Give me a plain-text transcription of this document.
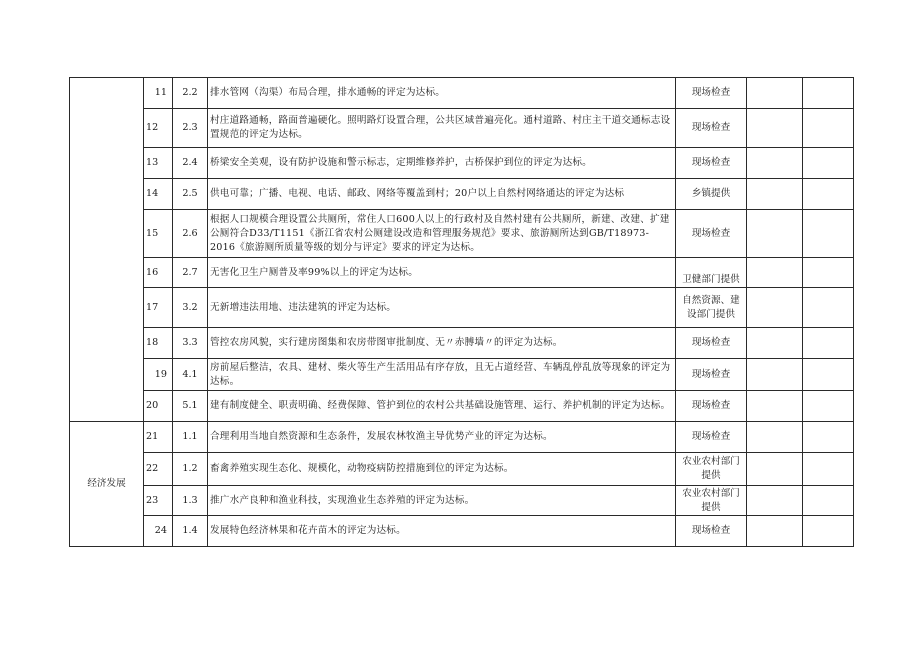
	11	2.2	排水管网（沟渠）布局合理，排水通畅的评定为达标。	现场检查		
	12	2.3	村庄道路通畅，路面普遍硬化。照明路灯设置合理，公共区域普遍亮化。通村道路、村庄主干道交通标志设置规范的评定为达标。	现场检查		
	13	2.4	桥梁安全美观，设有防护设施和警示标志，定期维修养护，古桥保护到位的评定为达标。	现场检查		
	14	2.5	供电可靠；广播、电视、电话、邮政、网络等覆盖到村；20户以上自然村网络通达的评定为达标	乡镇提供		
	15	2.6	根据人口规模合理设置公共厕所，常住人口600人以上的行政村及自然村建有公共厕所，新建、改建、扩建公厕符合D33/T1151《浙江省农村公厕建设改造和管理服务规范》要求、旅游厕所达到GB/T18973-2016《旅游厕所质量等级的划分与评定》要求的评定为达标。	现场检查		
	16	2.7	无害化卫生户厕普及率99%以上的评定为达标。	卫健部门提供		
	17	3.2	无新增违法用地、违法建筑的评定为达标。	自然资源、建设部门提供		
	18	3.3	管控农房风貌，实行建房图集和农房带图审批制度、无〃赤膊墙〃的评定为达标。	现场检查		
	19	4.1	房前屋后整洁，农具、建材、柴火等生产生活用品有序存放，且无占道经营、车辆乱停乱放等现象的评定为达标。	现场检查		
	20	5.1	建有制度健全、职责明确、经费保障、管护到位的农村公共基础设施管理、运行、养护机制的评定为达标。	现场检查		
经济发展	21	1.1	合理利用当地自然资源和生态条件，发展农林牧渔主导优势产业的评定为达标。	现场检查		
	22	1.2	畜禽养殖实现生态化、规模化，动物疫病防控措施到位的评定为达标。	农业农村部门提供		
	23	1.3	推广水产良种和渔业科技，实现渔业生态养殖的评定为达标。	农业农村部门提供		
	24	1.4	发展特色经济林果和花卉苗木的评定为达标。	现场检查		
